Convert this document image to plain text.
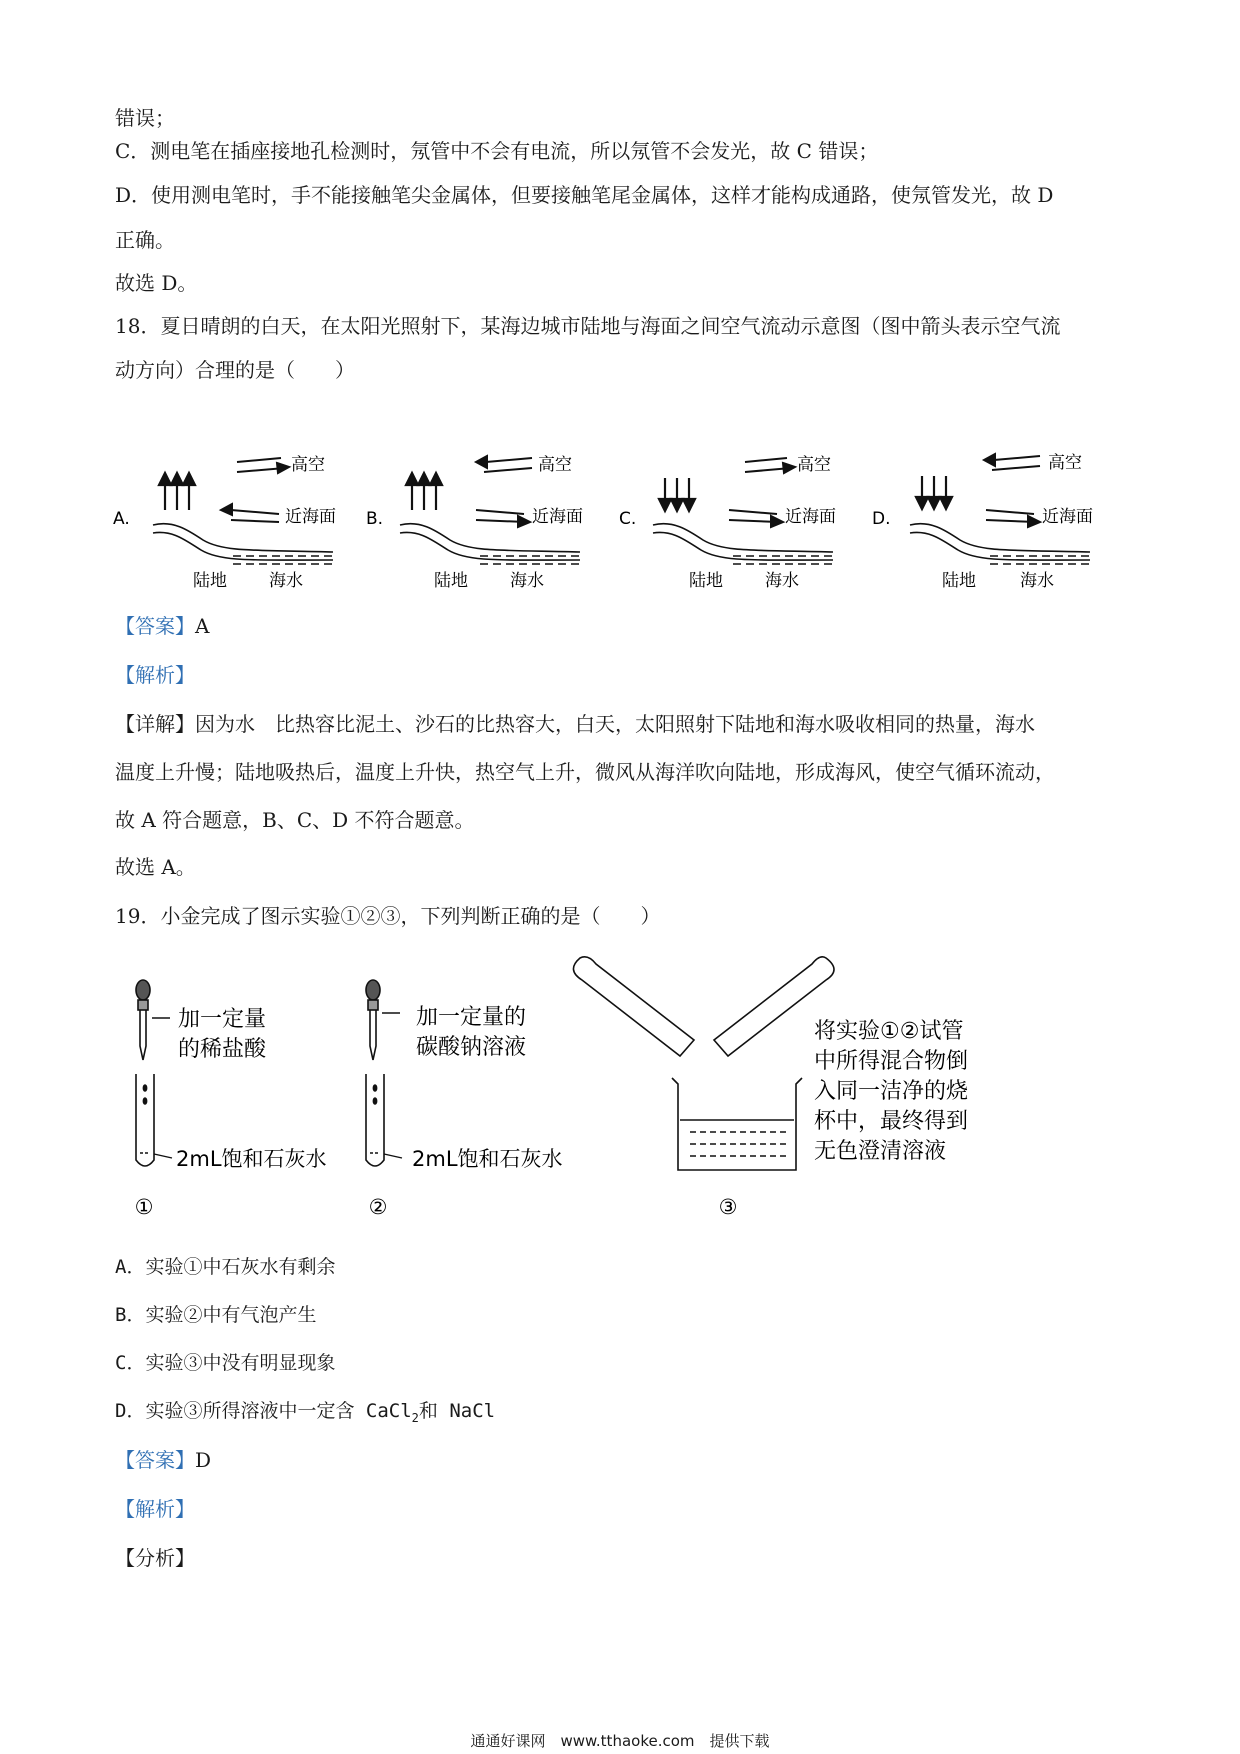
错误；
C．测电笔在插座接地孔检测时，氖管中不会有电流，所以氖管不会发光，故 C 错误；
D．使用测电笔时，手不能接触笔尖金属体，但要接触笔尾金属体，这样才能构成通路，使氖管发光，故 D
正确。
故选 D。
18．夏日晴朗的白天，在太阳光照射下，某海边城市陆地与海面之间空气流动示意图（图中箭头表示空气流
动方向）合理的是（　　）
A.
高空
近海面
陆地 海水
B.
高空
近海面
陆地 海水
C.
高空
近海面
陆地 海水
D.
高空
近海面
陆地	海水
【答案】A
【解析】
【详解】因为水　比热容比泥土、沙石的比热容大，白天，太阳照射下陆地和海水吸收相同的热量，海水
温度上升慢；陆地吸热后，温度上升快，热空气上升，微风从海洋吹向陆地，形成海风，使空气循环流动，
故 A 符合题意，B、C、D 不符合题意。
故选 A。
19．小金完成了图示实验①②③，下列判断正确的是（　　）
加一定量
的稀盐酸
2mL饱和石灰水
①
加一定量的
碳酸钠溶液
2mL饱和石灰水
②
将实验①②试管
中所得混合物倒
入同一洁净的烧
杯中，最终得到
无色澄清溶液
③
A．实验①中石灰水有剩余
B．实验②中有气泡产生
C．实验③中没有明显现象
D．实验③所得溶液中一定含 CaCl$_2$和 NaCl
【答案】D
【解析】
【分析】
通通好课网　www.tthaoke.com　提供下载
